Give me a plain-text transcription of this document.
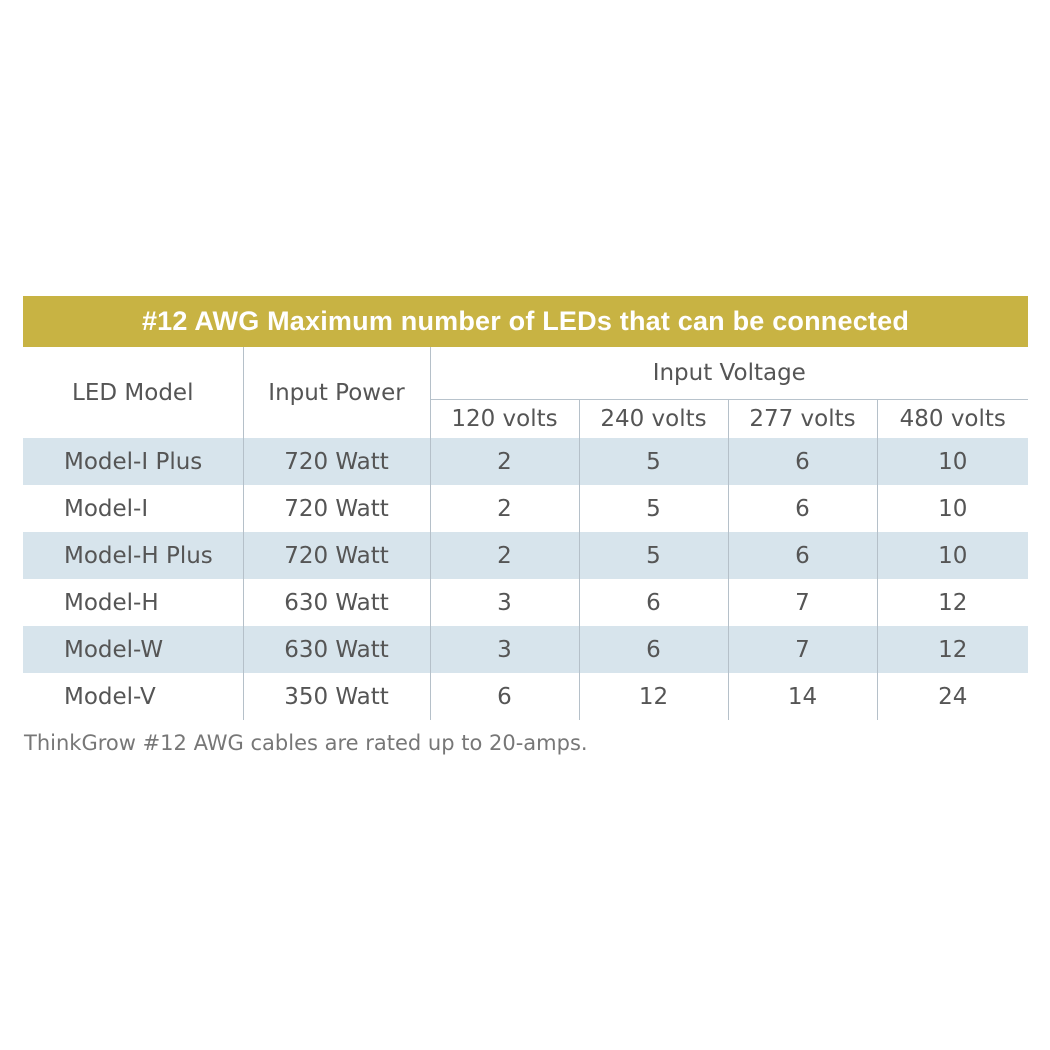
#12 AWG Maximum number of LEDs that can be connected
LED Model	Input Power	Input Voltage			
		120 volts	240 volts	277 volts	480 volts
Model-I Plus	720 Watt	2	5	6	10
Model-I	720 Watt	2	5	6	10
Model-H Plus	720 Watt	2	5	6	10
Model-H	630 Watt	3	6	7	12
Model-W	630 Watt	3	6	7	12
Model-V	350 Watt	6	12	14	24
ThinkGrow #12 AWG cables are rated up to 20-amps.
